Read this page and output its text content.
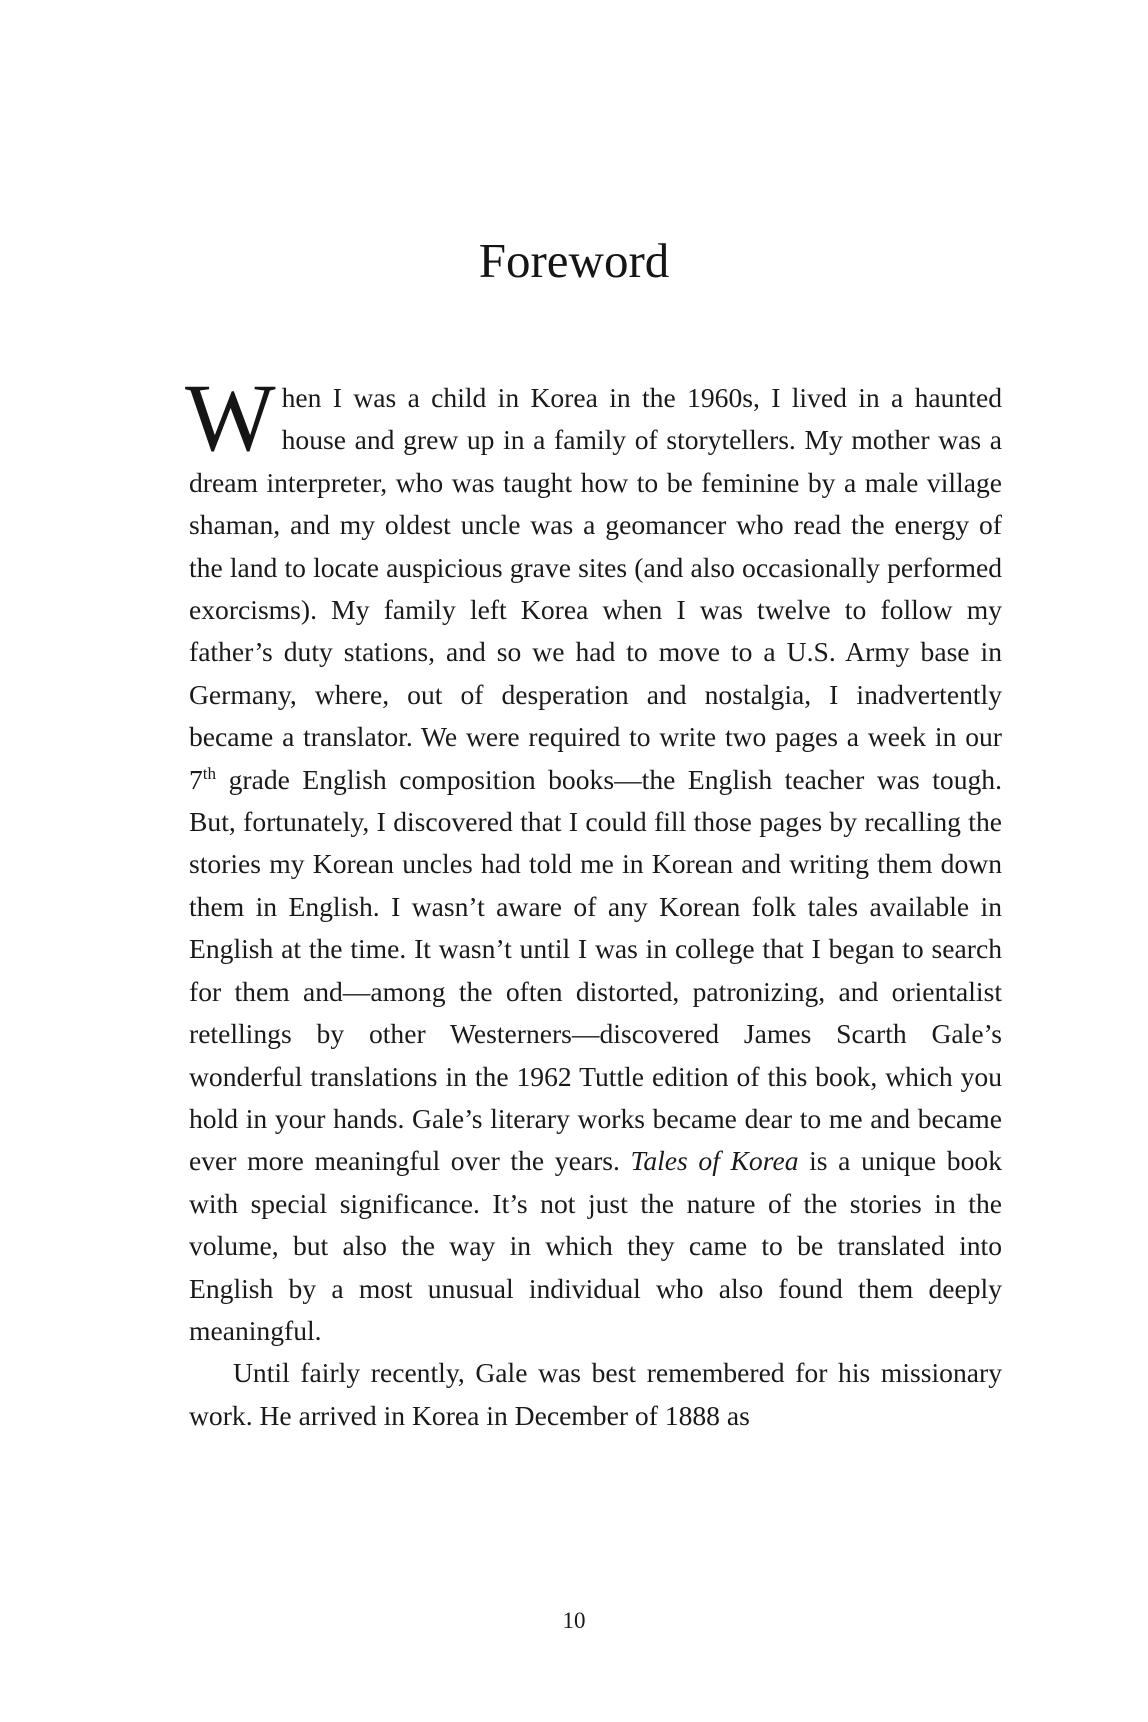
Foreword

When I was a child in Korea in the 1960s, I lived in a haunted house and grew up in a family of storytellers. My mother was a dream interpreter, who was taught how to be feminine by a male village shaman, and my oldest uncle was a geomancer who read the energy of the land to locate auspicious grave sites (and also occasionally performed exorcisms). My family left Korea when I was twelve to follow my father’s duty stations, and so we had to move to a U.S. Army base in Germany, where, out of desperation and nostalgia, I inadvertently became a translator. We were required to write two pages a week in our 7th grade English composition books—the English teacher was tough. But, fortunately, I discovered that I could fill those pages by recalling the stories my Korean uncles had told me in Korean and writing them down them in English. I wasn’t aware of any Korean folk tales available in English at the time. It wasn’t until I was in college that I began to search for them and—among the often distorted, patronizing, and orientalist retellings by other Westerners—discovered James Scarth Gale’s wonderful translations in the 1962 Tuttle edition of this book, which you hold in your hands. Gale’s literary works became dear to me and became ever more meaningful over the years. Tales of Korea is a unique book with special significance. It’s not just the nature of the stories in the volume, but also the way in which they came to be translated into English by a most unusual individual who also found them deeply meaningful.

Until fairly recently, Gale was best remembered for his missionary work. He arrived in Korea in December of 1888 as

10
